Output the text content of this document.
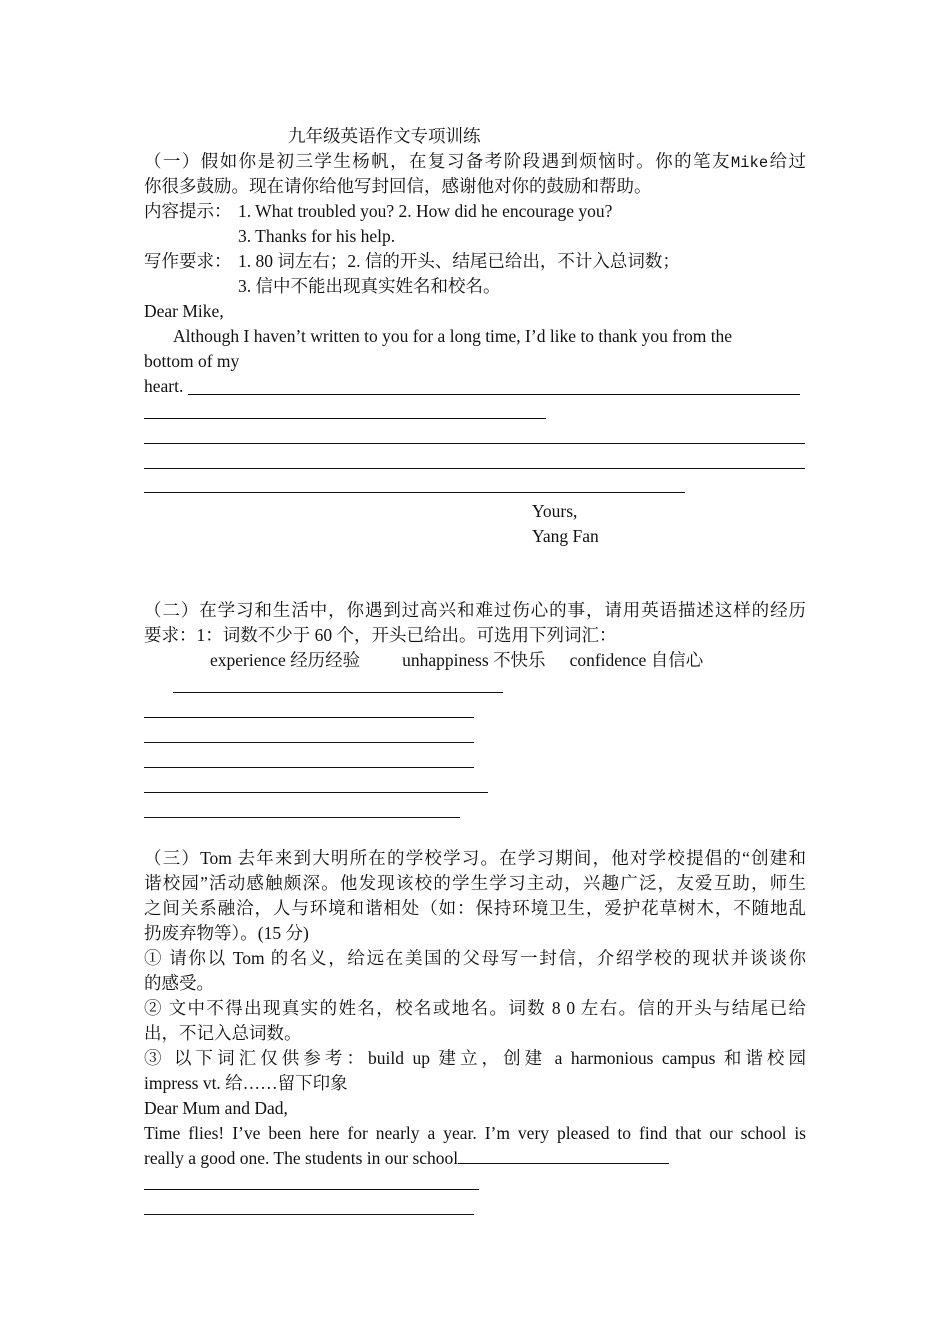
九年级英语作文专项训练
（一）假如你是初三学生杨帆，在复习备考阶段遇到烦恼时。你的笔友Mike给过
你很多鼓励。现在请你给他写封回信，感谢他对你的鼓励和帮助。
内容提示： 1. What troubled you? 2. How did he encourage you?
3. Thanks for his help.
写作要求： 1. 80 词左右；2. 信的开头、结尾已给出，不计入总词数；
3. 信中不能出现真实姓名和校名。
Dear Mike,
Although I haven’t written to you for a long time, I’d like to thank you from the
bottom of my
heart.
Yours,
Yang Fan
（二）在学习和生活中，你遇到过高兴和难过伤心的事，请用英语描述这样的经历
要求：1：词数不少于 60 个，开头已给出。可选用下列词汇：
experience 经历经验 unhappiness 不快乐 confidence 自信心
（三）Tom 去年来到大明所在的学校学习。在学习期间，他对学校提倡的“创建和
谐校园”活动感触颇深。他发现该校的学生学习主动，兴趣广泛，友爱互助，师生
之间关系融洽，人与环境和谐相处（如：保持环境卫生，爱护花草树木，不随地乱
扔废弃物等）。(15 分)
① 请你以 Tom 的名义，给远在美国的父母写一封信，介绍学校的现状并谈谈你
的感受。
② 文中不得出现真实的姓名，校名或地名。词数 8 0 左右。信的开头与结尾已给
出，不记入总词数。
③ 以下词汇仅供参考：build up 建立，创建 a harmonious campus 和谐校园
impress vt. 给……留下印象
Dear Mum and Dad,
Time flies! I’ve been here for nearly a year. I’m very pleased to find that our school is
really a good one. The students in our school
